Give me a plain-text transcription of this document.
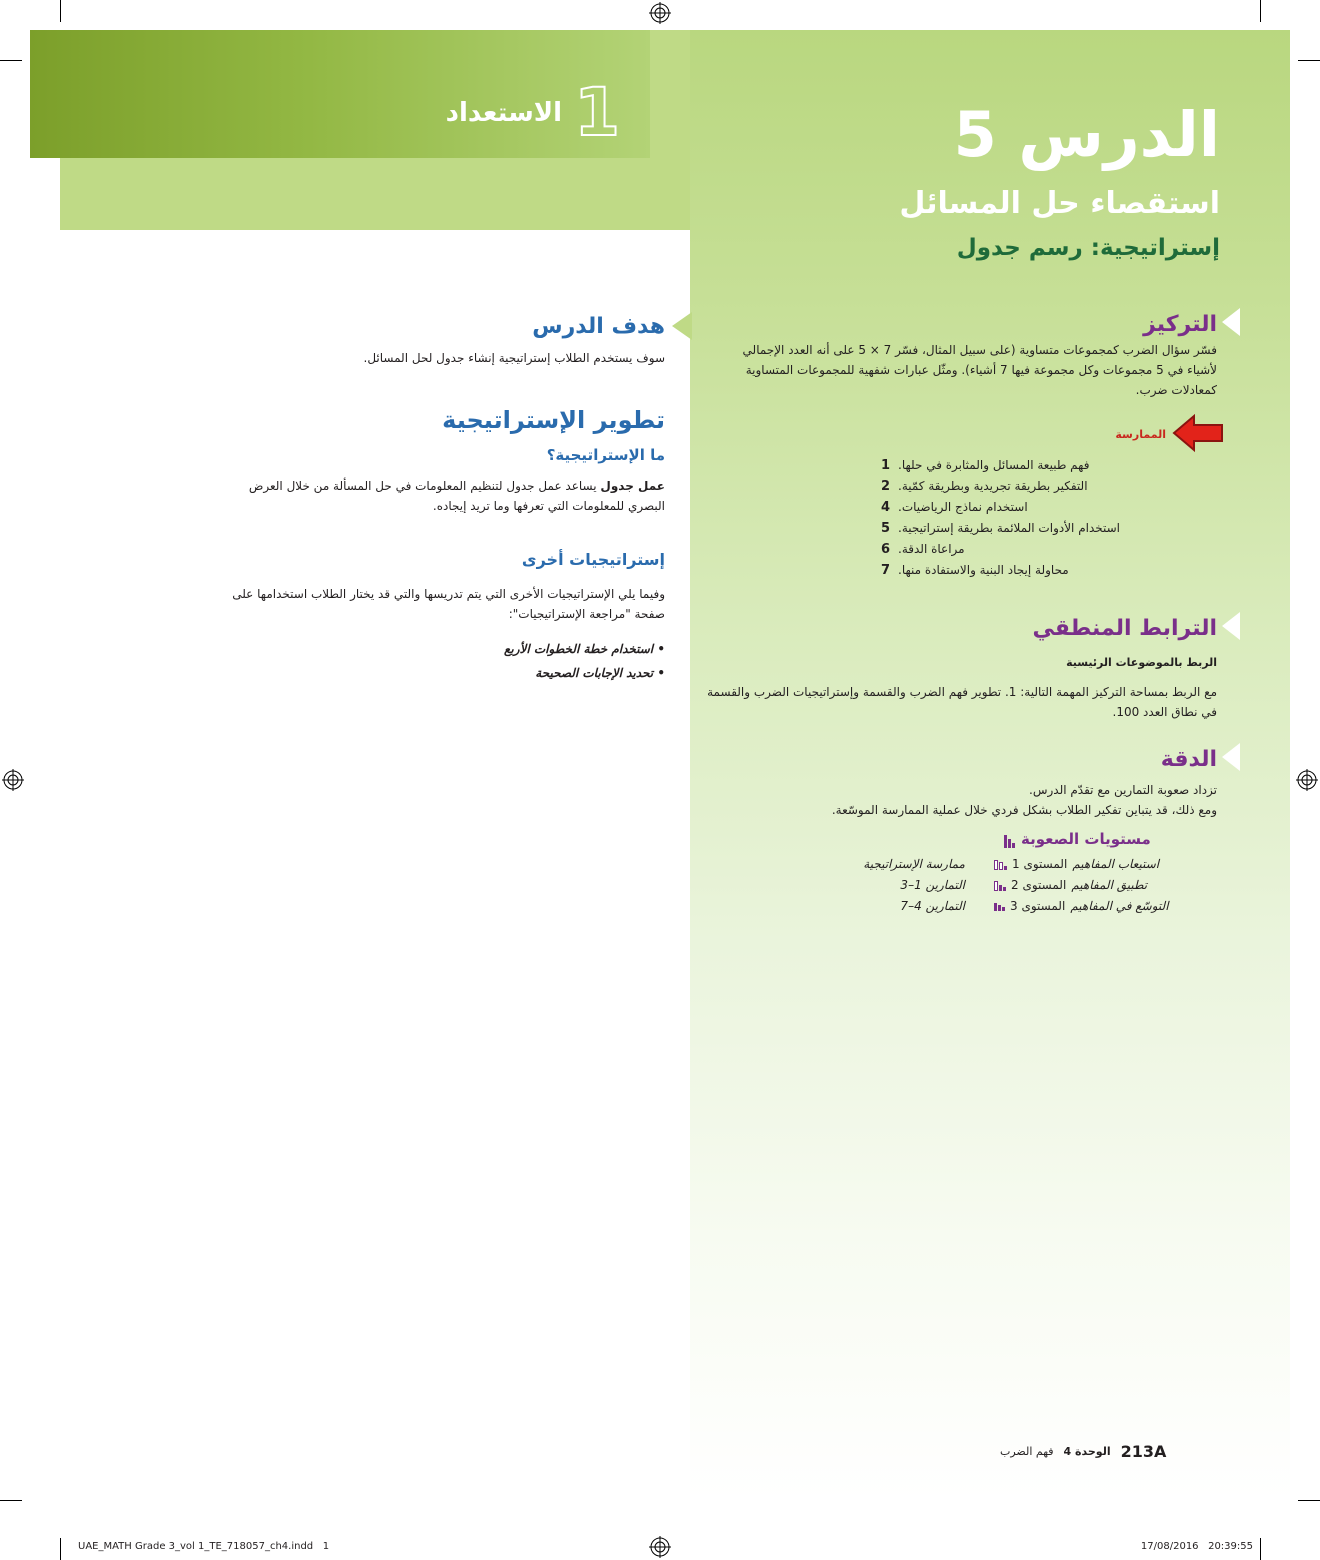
1
الاستعداد	الدرس 5
استقصاء حل المسائل
إستراتيجية: رسم جدول
التركيز
فسّر سؤال الضرب كمجموعات متساوية (على سبيل المثال، فسّر 7 × 5 على أنه العدد الإجمالي
لأشياء في 5 مجموعات وكل مجموعة فيها 7 أشياء). ومثّل عبارات شفهية للمجموعات المتساوية
كمعادلات ضرب.
الممارسة
1 فهم طبيعة المسائل والمثابرة في حلها.
2 التفكير بطريقة تجريدية وبطريقة كمّية.
4 استخدام نماذج الرياضيات.
5 استخدام الأدوات الملائمة بطريقة إستراتيجية.
6 مراعاة الدقة.
7 محاولة إيجاد البنية والاستفادة منها.
الترابط المنطقي
الربط بالموضوعات الرئيسية
مع الربط بمساحة التركيز المهمة التالية: 1. تطوير فهم الضرب والقسمة وإستراتيجيات الضرب والقسمة
في نطاق العدد 100.
الدقة
تزداد صعوبة التمارين مع تقدّم الدرس.
ومع ذلك، قد يتباين تفكير الطلاب بشكل فردي خلال عملية الممارسة الموسّعة.
مستويات الصعوبة
المستوى 1 استيعاب المفاهيم
ممارسة الإستراتيجية
المستوى 2 تطبيق المفاهيم
التمارين 1–3
المستوى 3 التوسّع في المفاهيم
التمارين 4–7
هدف الدرس
سوف يستخدم الطلاب إستراتيجية إنشاء جدول لحل المسائل.
تطوير الإستراتيجية
ما الإستراتيجية؟
عمل جدول يساعد عمل جدول لتنظيم المعلومات في حل المسألة من خلال العرض
البصري للمعلومات التي تعرفها وما تريد إيجاده.
إستراتيجيات أخرى
وفيما يلي الإستراتيجيات الأخرى التي يتم تدريسها والتي قد يختار الطلاب استخدامها على
صفحة "مراجعة الإستراتيجيات":
• استخدام خطة الخطوات الأربع
• تحديد الإجابات الصحيحة
213A
الوحدة 4
فهم الضرب
UAE_MATH Grade 3_vol 1_TE_718057_ch4.indd   1	17/08/2016   20:39:55
